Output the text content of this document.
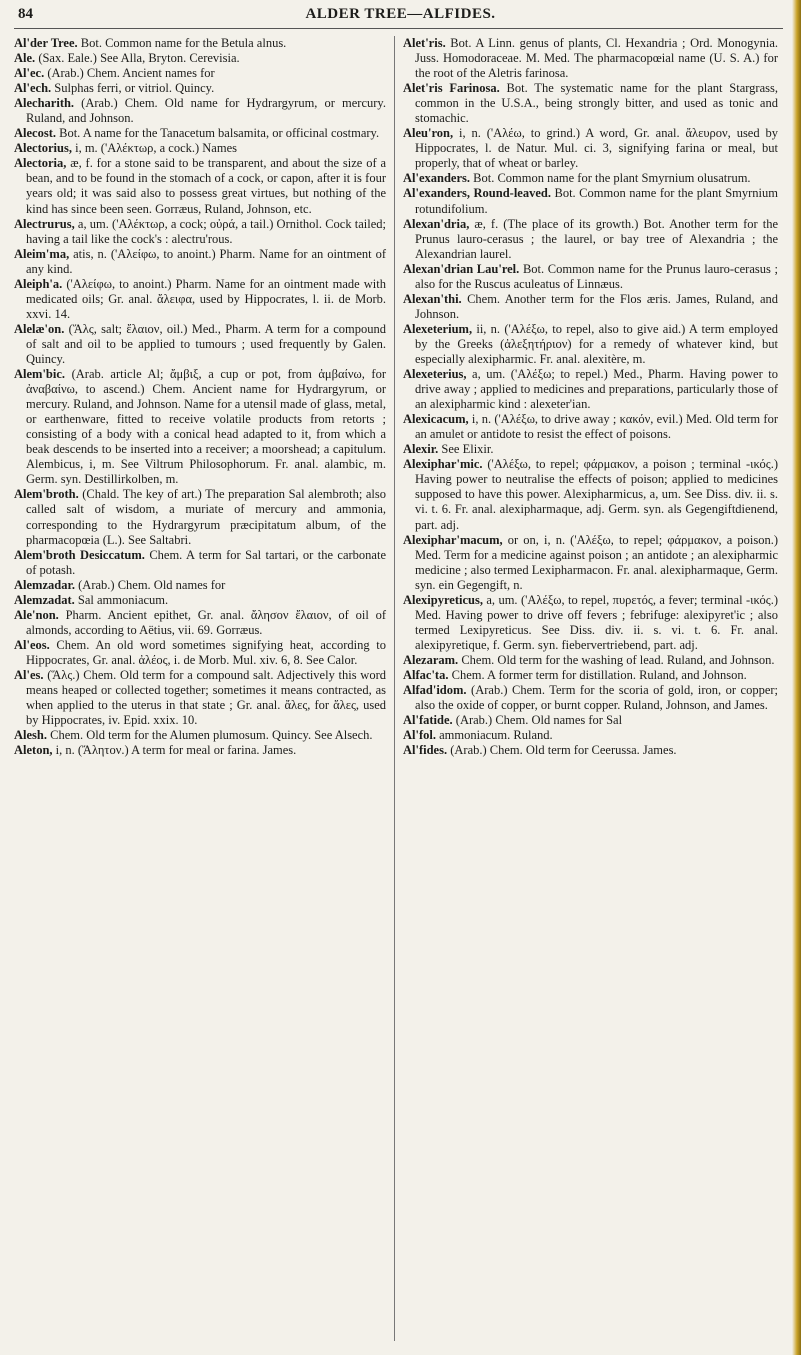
84	ALDER TREE—ALFIDES.

Al'der Tree. Bot. Common name for the Betula alnus.

Ale. (Sax. Eale.) See Alla, Bryton. Cerevisia.

Al'ec. (Arab.) Chem. Ancient names for

Al'ech. Sulphas ferri, or vitriol. Quincy.

Alecharith. (Arab.) Chem. Old name for Hydrargyrum, or mercury. Ruland, and Johnson.

Alecost. Bot. A name for the Tanacetum balsamita, or officinal costmary.

Alectorius, i, m. ('Αλέκτωρ, a cock.) Names

Alectoria, æ, f. for a stone said to be transparent, and about the size of a bean, and to be found in the stomach of a cock, or capon, after it is four years old; it was said also to possess great virtues, but nothing of the kind has since been seen. Gorræus, Ruland, Johnson, etc.

Alectrurus, a, um. ('Αλέκτωρ, a cock; οὐρά, a tail.) Ornithol. Cock tailed; having a tail like the cock's : alectru'rous.

Aleim'ma, atis, n. ('Αλείφω, to anoint.) Pharm. Name for an ointment of any kind.

Aleiph'a. ('Αλείφω, to anoint.) Pharm. Name for an ointment made with medicated oils; Gr. anal. ἄλειφα, used by Hippocrates, l. ii. de Morb. xxvi. 14.

Alelæ'on. (Ἅλς, salt; ἔλαιον, oil.) Med., Pharm. A term for a compound of salt and oil to be applied to tumours ; used frequently by Galen. Quincy.

Alem'bic. (Arab. article Al; ἄμβιξ, a cup or pot, from ἀμβαίνω, for ἀναβαίνω, to ascend.) Chem. Ancient name for Hydrargyrum, or mercury. Ruland, and Johnson. Name for a utensil made of glass, metal, or earthenware, fitted to receive volatile products from retorts ; consisting of a body with a conical head adapted to it, from which a beak descends to be inserted into a receiver; a moorshead; a capitulum. Alembicus, i, m. See Viltrum Philosophorum. Fr. anal. alambic, m. Germ. syn. Destillirkolben, m.

Alem'broth. (Chald. The key of art.) The preparation Sal alembroth; also called salt of wisdom, a muriate of mercury and ammonia, corresponding to the Hydrargyrum præcipitatum album, of the pharmacopœia (L.). See Saltabri.

Alem'broth Desiccatum. Chem. A term for Sal tartari, or the carbonate of potash.

Alemzadar. (Arab.) Chem. Old names for

Alemzadat. Sal ammoniacum.

Ale'non. Pharm. Ancient epithet, Gr. anal. ἄλησον ἔλαιον, of oil of almonds, according to Aëtius, vii. 69. Gorræus.

Al'eos. Chem. An old word sometimes signifying heat, according to Hippocrates, Gr. anal. ἀλέος, i. de Morb. Mul. xiv. 6, 8. See Calor.

Al'es. (Ἅλς.) Chem. Old term for a compound salt. Adjectively this word means heaped or collected together; sometimes it means contracted, as when applied to the uterus in that state ; Gr. anal. ἄλες, for ἅλες, used by Hippocrates, iv. Epid. xxix. 10.

Alesh. Chem. Old term for the Alumen plumosum. Quincy. See Alsech.

Aleton, i, n. (Ἄλητον.) A term for meal or farina. James.

Alet'ris. Bot. A Linn. genus of plants, Cl. Hexandria ; Ord. Monogynia. Juss. Homodoraceae. M. Med. The pharmacopœial name (U. S. A.) for the root of the Aletris farinosa.

Alet'ris Farinosa. Bot. The systematic name for the plant Stargrass, common in the U.S.A., being strongly bitter, and used as tonic and stomachic.

Aleu'ron, i, n. ('Αλέω, to grind.) A word, Gr. anal. ἄλευρον, used by Hippocrates, l. de Natur. Mul. ci. 3, signifying farina or meal, but properly, that of wheat or barley.

Al'exanders. Bot. Common name for the plant Smyrnium olusatrum.

Al'exanders, Round-leaved. Bot. Common name for the plant Smyrnium rotundifolium.

Alexan'dria, æ, f. (The place of its growth.) Bot. Another term for the Prunus lauro-cerasus ; the laurel, or bay tree of Alexandria ; the Alexandrian laurel.

Alexan'drian Lau'rel. Bot. Common name for the Prunus lauro-cerasus ; also for the Ruscus aculeatus of Linnæus.

Alexan'thi. Chem. Another term for the Flos æris. James, Ruland, and Johnson.

Alexeterium, ii, n. ('Αλέξω, to repel, also to give aid.) A term employed by the Greeks (ἀλεξητήριον) for a remedy of whatever kind, but especially alexipharmic. Fr. anal. alexitère, m.

Alexeterius, a, um. ('Αλέξω; to repel.) Med., Pharm. Having power to drive away ; applied to medicines and preparations, particularly those of an alexipharmic kind : alexeter'ian.

Alexicacum, i, n. ('Αλέξω, to drive away ; κακόν, evil.) Med. Old term for an amulet or antidote to resist the effect of poisons.

Alexir. See Elixir.

Alexiphar'mic. ('Αλέξω, to repel; φάρμακον, a poison ; terminal -ικός.) Having power to neutralise the effects of poison; applied to medicines supposed to have this power. Alexipharmicus, a, um. See Diss. div. ii. s. vi. t. 6. Fr. anal. alexipharmaque, adj. Germ. syn. als Gegengiftdienend, part. adj.

Alexiphar'macum, or on, i, n. ('Αλέξω, to repel; φάρμακον, a poison.) Med. Term for a medicine against poison ; an antidote ; an alexipharmic medicine ; also termed Lexipharmacon. Fr. anal. alexipharmaque, Germ. syn. ein Gegengift, n.

Alexipyreticus, a, um. ('Αλέξω, to repel, πυρετός, a fever; terminal -ικός.) Med. Having power to drive off fevers ; febrifuge: alexipyret'ic ; also termed Lexipyreticus. See Diss. div. ii. s. vi. t. 6. Fr. anal. alexipyretique, f. Germ. syn. fiebervertriebend, part. adj.

Alezaram. Chem. Old term for the washing of lead. Ruland, and Johnson.

Alfac'ta. Chem. A former term for distillation. Ruland, and Johnson.

Alfad'idom. (Arab.) Chem. Term for the scoria of gold, iron, or copper; also the oxide of copper, or burnt copper. Ruland, Johnson, and James.

Al'fatide. (Arab.) Chem. Old names for Sal

Al'fol. ammoniacum. Ruland.

Al'fides. (Arab.) Chem. Old term for Ceerussa. James.
